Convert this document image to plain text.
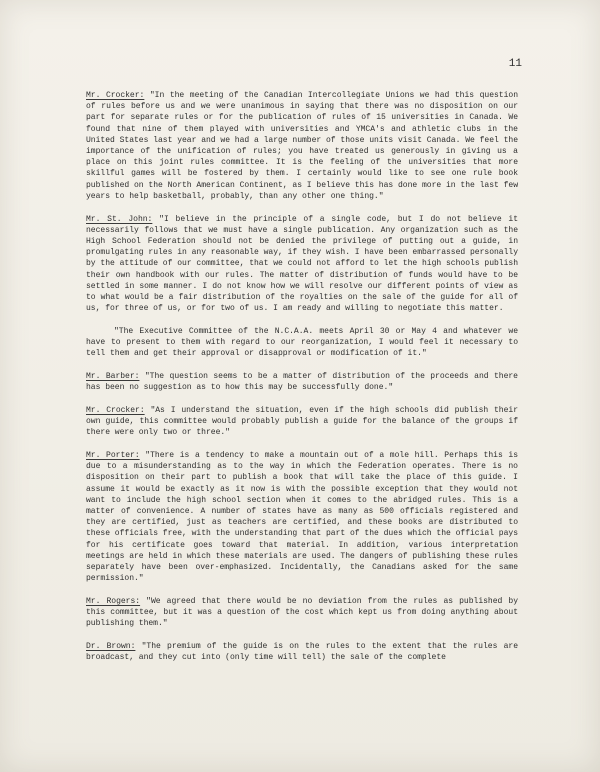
11

Mr. Crocker: "In the meeting of the Canadian Intercollegiate Unions we had this question of rules before us and we were unanimous in saying that there was no disposition on our part for separate rules or for the publication of rules of 15 universities in Canada. We found that nine of them played with universities and YMCA's and athletic clubs in the United States last year and we had a large number of those units visit Canada. We feel the importance of the unification of rules; you have treated us generously in giving us a place on this joint rules committee. It is the feeling of the universities that more skillful games will be fostered by them. I certainly would like to see one rule book published on the North American Continent, as I believe this has done more in the last few years to help basketball, probably, than any other one thing."

Mr. St. John: "I believe in the principle of a single code, but I do not believe it necessarily follows that we must have a single publication. Any organization such as the High School Federation should not be denied the privilege of putting out a guide, in promulgating rules in any reasonable way, if they wish. I have been embarrassed personally by the attitude of our committee, that we could not afford to let the high schools publish their own handbook with our rules. The matter of distribution of funds would have to be settled in some manner. I do not know how we will resolve our different points of view as to what would be a fair distribution of the royalties on the sale of the guide for all of us, for three of us, or for two of us. I am ready and willing to negotiate this matter.

"The Executive Committee of the N.C.A.A. meets April 30 or May 4 and whatever we have to present to them with regard to our reorganization, I would feel it necessary to tell them and get their approval or disapproval or modification of it."

Mr. Barber: "The question seems to be a matter of distribution of the proceeds and there has been no suggestion as to how this may be successfully done."

Mr. Crocker: "As I understand the situation, even if the high schools did publish their own guide, this committee would probably publish a guide for the balance of the groups if there were only two or three."

Mr. Porter: "There is a tendency to make a mountain out of a mole hill. Perhaps this is due to a misunderstanding as to the way in which the Federation operates. There is no disposition on their part to publish a book that will take the place of this guide. I assume it would be exactly as it now is with the possible exception that they would not want to include the high school section when it comes to the abridged rules. This is a matter of convenience. A number of states have as many as 500 officials registered and they are certified, just as teachers are certified, and these books are distributed to these officials free, with the understanding that part of the dues which the official pays for his certificate goes toward that material. In addition, various interpretation meetings are held in which these materials are used. The dangers of publishing these rules separately have been over-emphasized. Incidentally, the Canadians asked for the same permission."

Mr. Rogers: "We agreed that there would be no deviation from the rules as published by this committee, but it was a question of the cost which kept us from doing anything about publishing them."

Dr. Brown: "The premium of the guide is on the rules to the extent that the rules are broadcast, and they cut into (only time will tell) the sale of the complete
